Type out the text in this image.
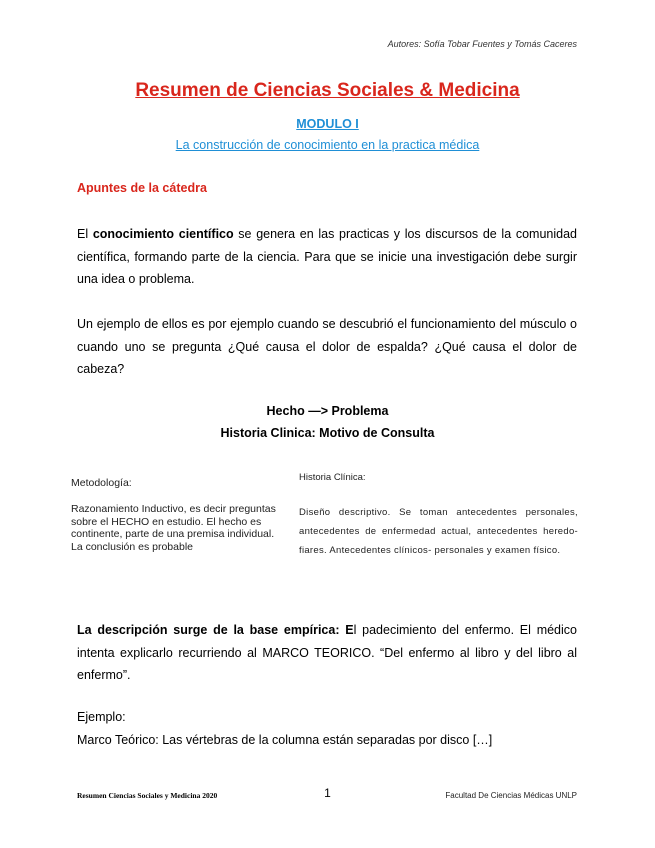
Autores: Sofía Tobar Fuentes y Tomás Caceres
Resumen de Ciencias Sociales & Medicina
MODULO I
La construcción de conocimiento en la practica médica
Apuntes de la cátedra
El conocimiento científico se genera en las practicas y los discursos de la comunidad científica, formando parte de la ciencia. Para que se inicie una investigación debe surgir una idea o problema.
Un ejemplo de ellos es por ejemplo cuando se descubrió el funcionamiento del músculo o cuando uno se pregunta ¿Qué causa el dolor de espalda? ¿Qué causa el dolor de cabeza?
Hecho —> Problema
Historia Clinica: Motivo de Consulta
Metodología:
Razonamiento Inductivo, es decir preguntas sobre el HECHO en estudio. El hecho es continente, parte de una premisa individual. La conclusión es probable
Historia Clínica:
Diseño descriptivo. Se toman antecedentes personales, antecedentes de enfermedad actual, antecedentes heredo- fiares. Antecedentes clínicos- personales y examen físico.
La descripción surge de la base empírica: El padecimiento del enfermo. El médico intenta explicarlo recurriendo al MARCO TEORICO. “Del enfermo al libro y del libro al enfermo”.
Ejemplo:
Marco Teórico: Las vértebras de la columna están separadas por disco […]
Resumen Ciencias Sociales y Medicina 2020	1	Facultad De Ciencias Médicas UNLP
